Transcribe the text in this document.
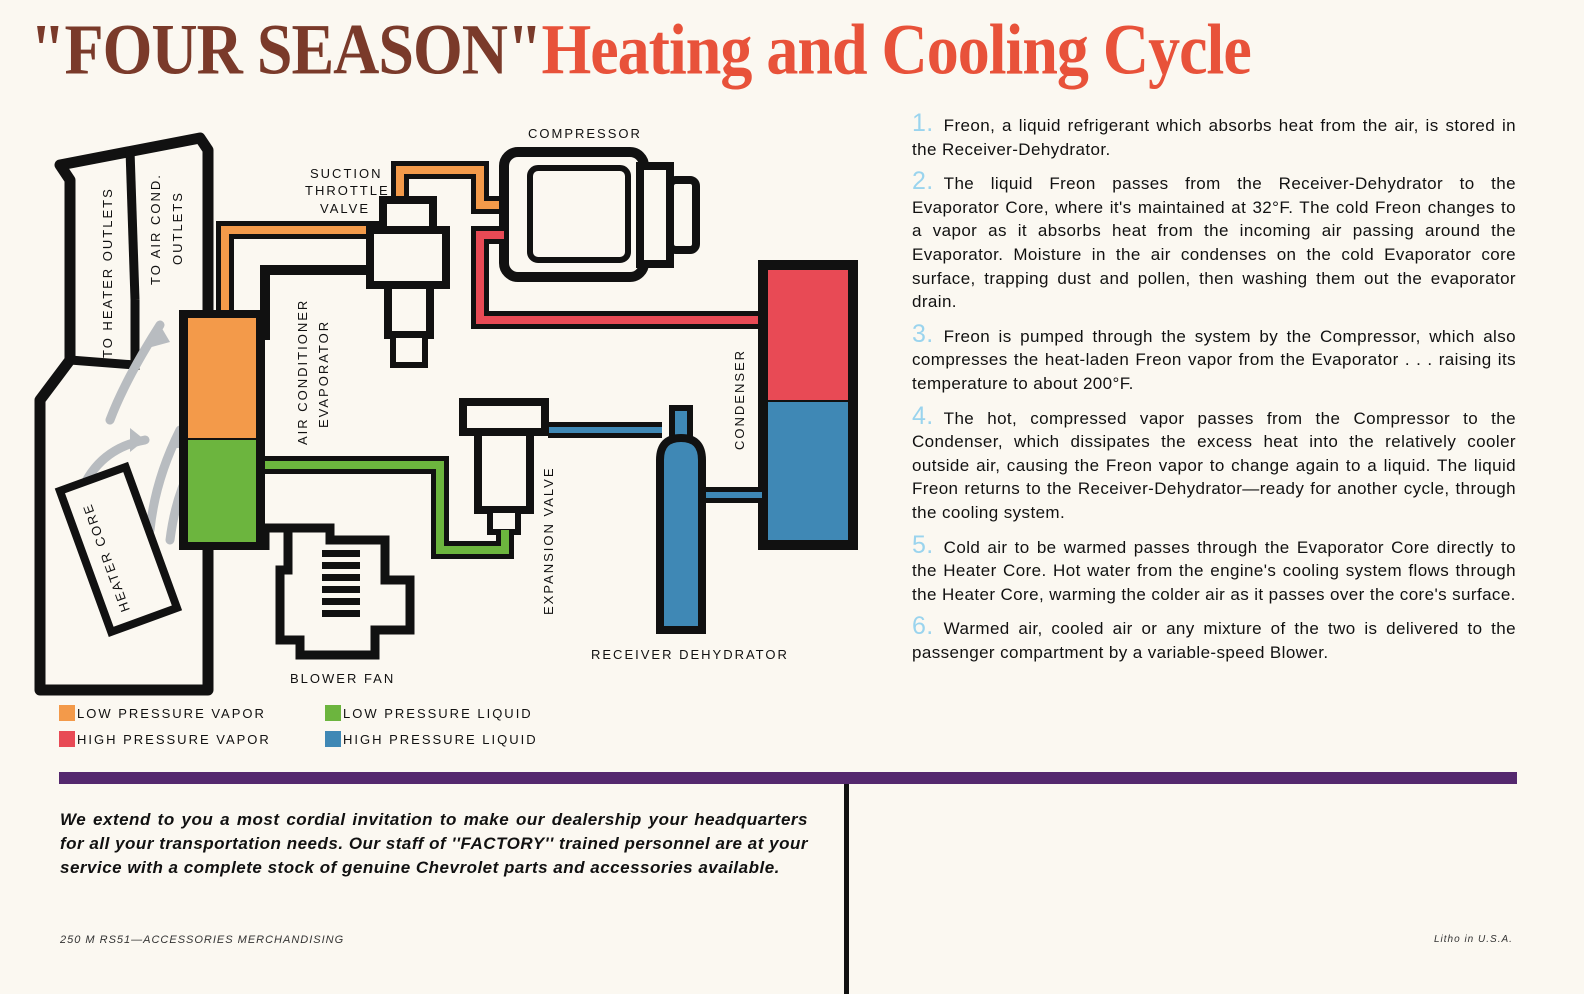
"FOUR SEASON"Heating and Cooling Cycle
COMPRESSOR
SUCTION
THROTTLE
VALVE
TO HEATER OUTLETS	TO AIR COND. OUTLETS
AIR CONDITIONER EVAPORATOR	CONDENSER
EXPANSION VALVE
HEATER CORE
BLOWER FAN
RECEIVER DEHYDRATOR
LOW PRESSURE VAPOR
HIGH PRESSURE VAPOR
LOW PRESSURE LIQUID
HIGH PRESSURE LIQUID
1. Freon, a liquid refrigerant which absorbs heat from the air, is stored in the Receiver-Dehydrator.
2. The liquid Freon passes from the Receiver-Dehydrator to the Evaporator Core, where it's maintained at 32°F. The cold Freon changes to a vapor as it absorbs heat from the incoming air passing around the Evaporator. Moisture in the air condenses on the cold Evaporator core surface, trapping dust and pollen, then washing them out the evaporator drain.
3. Freon is pumped through the system by the Compressor, which also compresses the heat-laden Freon vapor from the Evaporator . . . raising its temperature to about 200°F.
4. The hot, compressed vapor passes from the Compressor to the Condenser, which dissipates the excess heat into the relatively cooler outside air, causing the Freon vapor to change again to a liquid. The liquid Freon returns to the Receiver-Dehydrator—ready for another cycle, through the cooling system.
5. Cold air to be warmed passes through the Evaporator Core directly to the Heater Core. Hot water from the engine's cooling system flows through the Heater Core, warming the colder air as it passes over the core's surface.
6. Warmed air, cooled air or any mixture of the two is delivered to the passenger compartment by a variable-speed Blower.
We extend to you a most cordial invitation to make our dealership your headquarters for all your transportation needs. Our staff of ''FACTORY'' trained personnel are at your service with a complete stock of genuine Chevrolet parts and accessories available.
250 M RS51—ACCESSORIES MERCHANDISING	Litho in U.S.A.
